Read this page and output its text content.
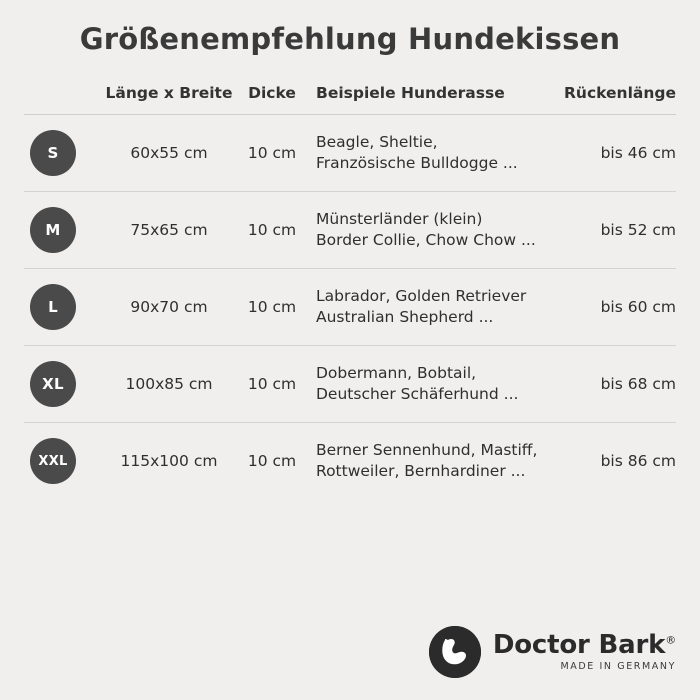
Größenempfehlung Hundekissen
	Länge x Breite	Dicke	Beispiele Hunderasse	Rückenlänge

S	60x55 cm	10 cm	Beagle, Sheltie,
Französische Bulldogge ...	bis 46 cm

M	75x65 cm	10 cm	Münsterländer (klein)
Border Collie, Chow Chow ...	bis 52 cm

L	90x70 cm	10 cm	Labrador, Golden Retriever
Australian Shepherd ...	bis 60 cm

XL	100x85 cm	10 cm	Dobermann, Bobtail,
Deutscher Schäferhund ...	bis 68 cm

XXL	115x100 cm	10 cm	Berner Sennenhund, Mastiff,
Rottweiler, Bernhardiner ...	bis 86 cm
Doctor Bark®
MADE IN GERMANY
